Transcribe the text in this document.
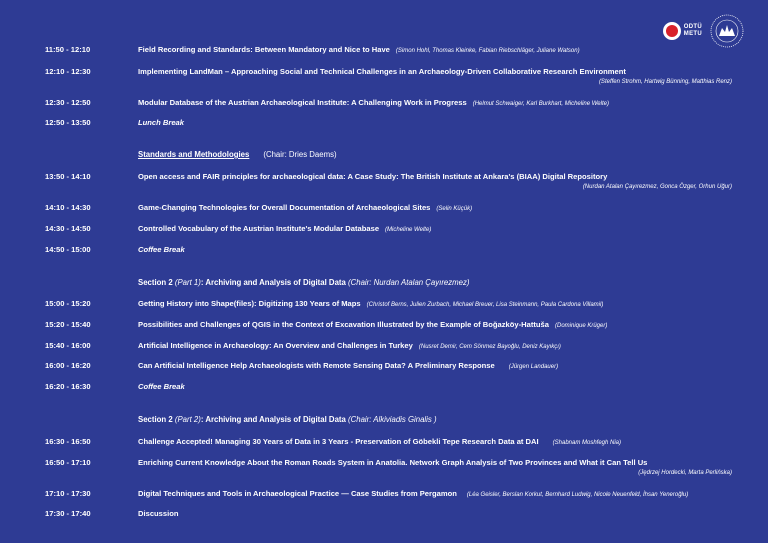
ODTÜ
METU
11:50 - 12:10	Field Recording and Standards: Between Mandatory and Nice to Have (Simon Hohl, Thomas Kleinke, Fabian Riebschläger, Juliane Watson)
12:10 - 12:30	Implementing LandMan – Approaching Social and Technical Challenges in an Archaeology-Driven Collaborative Research Environment
(Steffen Strohm, Hartwig Bünning, Matthias Renz)
12:30 - 12:50	Modular Database of the Austrian Archaeological Institute: A Challenging Work in Progress (Helmut Schwaiger, Karl Burkhart, Micheline Welte)
12:50 - 13:50	Lunch Break
Standards and Methodologies (Chair: Dries Daems)
13:50 - 14:10	Open access and FAIR principles for archaeological data: A Case Study: The British Institute at Ankara's (BIAA) Digital Repository
(Nurdan Atalan Çayırezmez, Gonca Özger, Orhun Uğur)
14:10 - 14:30	Game-Changing Technologies for Overall Documentation of Archaeological Sites (Selin Küçük)
14:30 - 14:50	Controlled Vocabulary of the Austrian Institute's Modular Database (Micheline Welte)
14:50 - 15:00	Coffee Break
Section 2 (Part 1): Archiving and Analysis of Digital Data (Chair: Nurdan Atalan Çayırezmez)
15:00 - 15:20	Getting History into Shape(files): Digitizing 130 Years of Maps (Christof Berns, Julien Zurbach, Michael Breuer, Lisa Steinmann, Paula Cardona Villamil)
15:20 - 15:40	Possibilities and Challenges of QGIS in the Context of Excavation Illustrated by the Example of Boğazköy-Hattuša (Dominique Krüger)
15:40 - 16:00	Artificial Intelligence in Archaeology: An Overview and Challenges in Turkey (Nusret Demir, Cem Sönmez Bayoğlu, Deniz Kayıkçı)
16:00 - 16:20	Can Artificial Intelligence Help Archaeologists with Remote Sensing Data? A Preliminary Response (Jürgen Landauer)
16:20 - 16:30	Coffee Break
Section 2 (Part 2): Archiving and Analysis of Digital Data (Chair: Alkiviadis Ginalis )
16:30 - 16:50	Challenge Accepted! Managing 30 Years of Data in 3 Years - Preservation of Göbekli Tepe Research Data at DAI (Shabnam Moshfegh Nia)
16:50 - 17:10	Enriching Current Knowledge About the Roman Roads System in Anatolia. Network Graph Analysis of Two Provinces and What it Can Tell Us
(Jędrzej Hordecki, Marta Perlińska)
17:10 - 17:30	Digital Techniques and Tools in Archaeological Practice — Case Studies from Pergamon (Léa Geisler, Berslan Korkut, Bernhard Ludwig, Nicole Neuenfeld, İhsan Yeneroğlu)
17:30 - 17:40	Discussion
